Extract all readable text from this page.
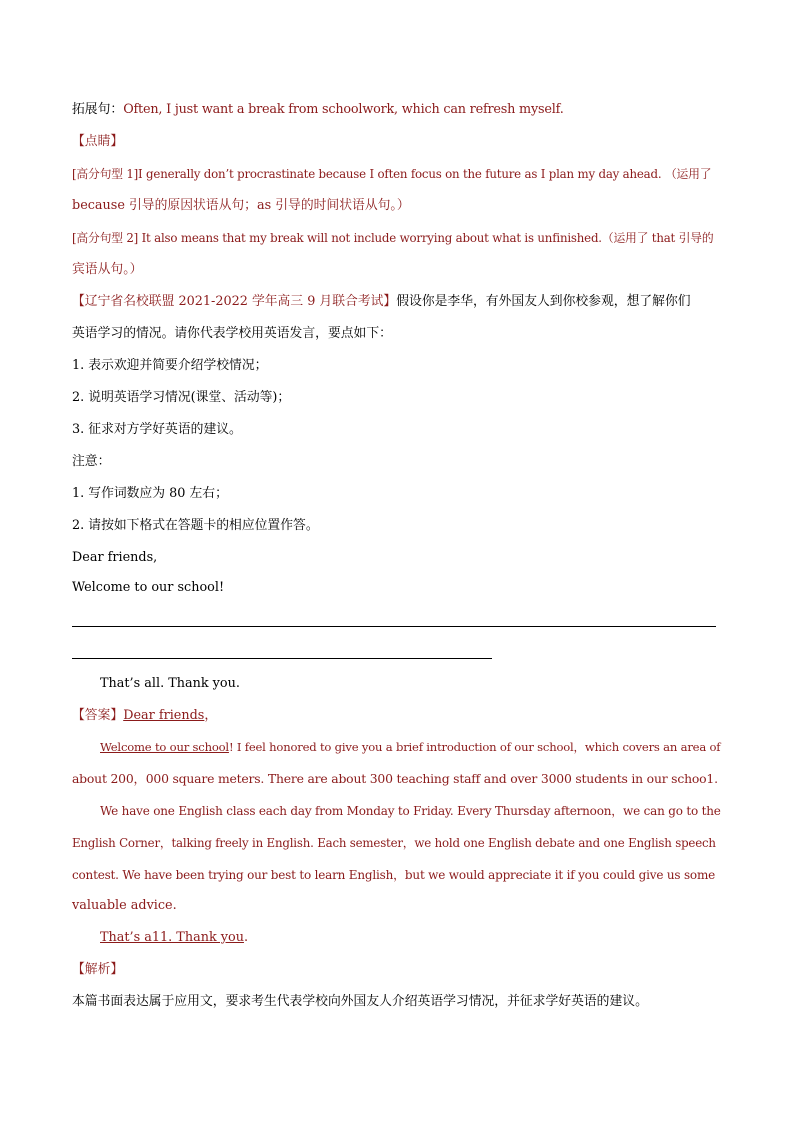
拓展句：Often, I just want a break from schoolwork, which can refresh myself.
【点睛】
[高分句型 1]I generally don’t procrastinate because I often focus on the future as I plan my day ahead. （运用了
because 引导的原因状语从句；as 引导的时间状语从句。）
[高分句型 2] It also means that my break will not include worrying about what is unfinished.（运用了 that 引导的
宾语从句。）
【辽宁省名校联盟 2021-2022 学年高三 9 月联合考试】假设你是李华，有外国友人到你校参观，想了解你们
英语学习的情况。请你代表学校用英语发言，要点如下：
1. 表示欢迎并简要介绍学校情况；
2. 说明英语学习情况(课堂、活动等)；
3. 征求对方学好英语的建议。
注意：
1. 写作词数应为 80 左右；
2. 请按如下格式在答题卡的相应位置作答。
Dear friends,
Welcome to our school!
That’s all. Thank you.
【答案】Dear friends，
Welcome to our school! I feel honored to give you a brief introduction of our school，which covers an area of
about 200，000 square meters. There are about 300 teaching staff and over 3000 students in our schoo1.
We have one English class each day from Monday to Friday. Every Thursday afternoon，we can go to the
English Corner，talking freely in English. Each semester，we hold one English debate and one English speech
contest. We have been trying our best to learn English，but we would appreciate it if you could give us some
valuable advice.
That’s a11. Thank you.
【解析】
本篇书面表达属于应用文，要求考生代表学校向外国友人介绍英语学习情况，并征求学好英语的建议。
